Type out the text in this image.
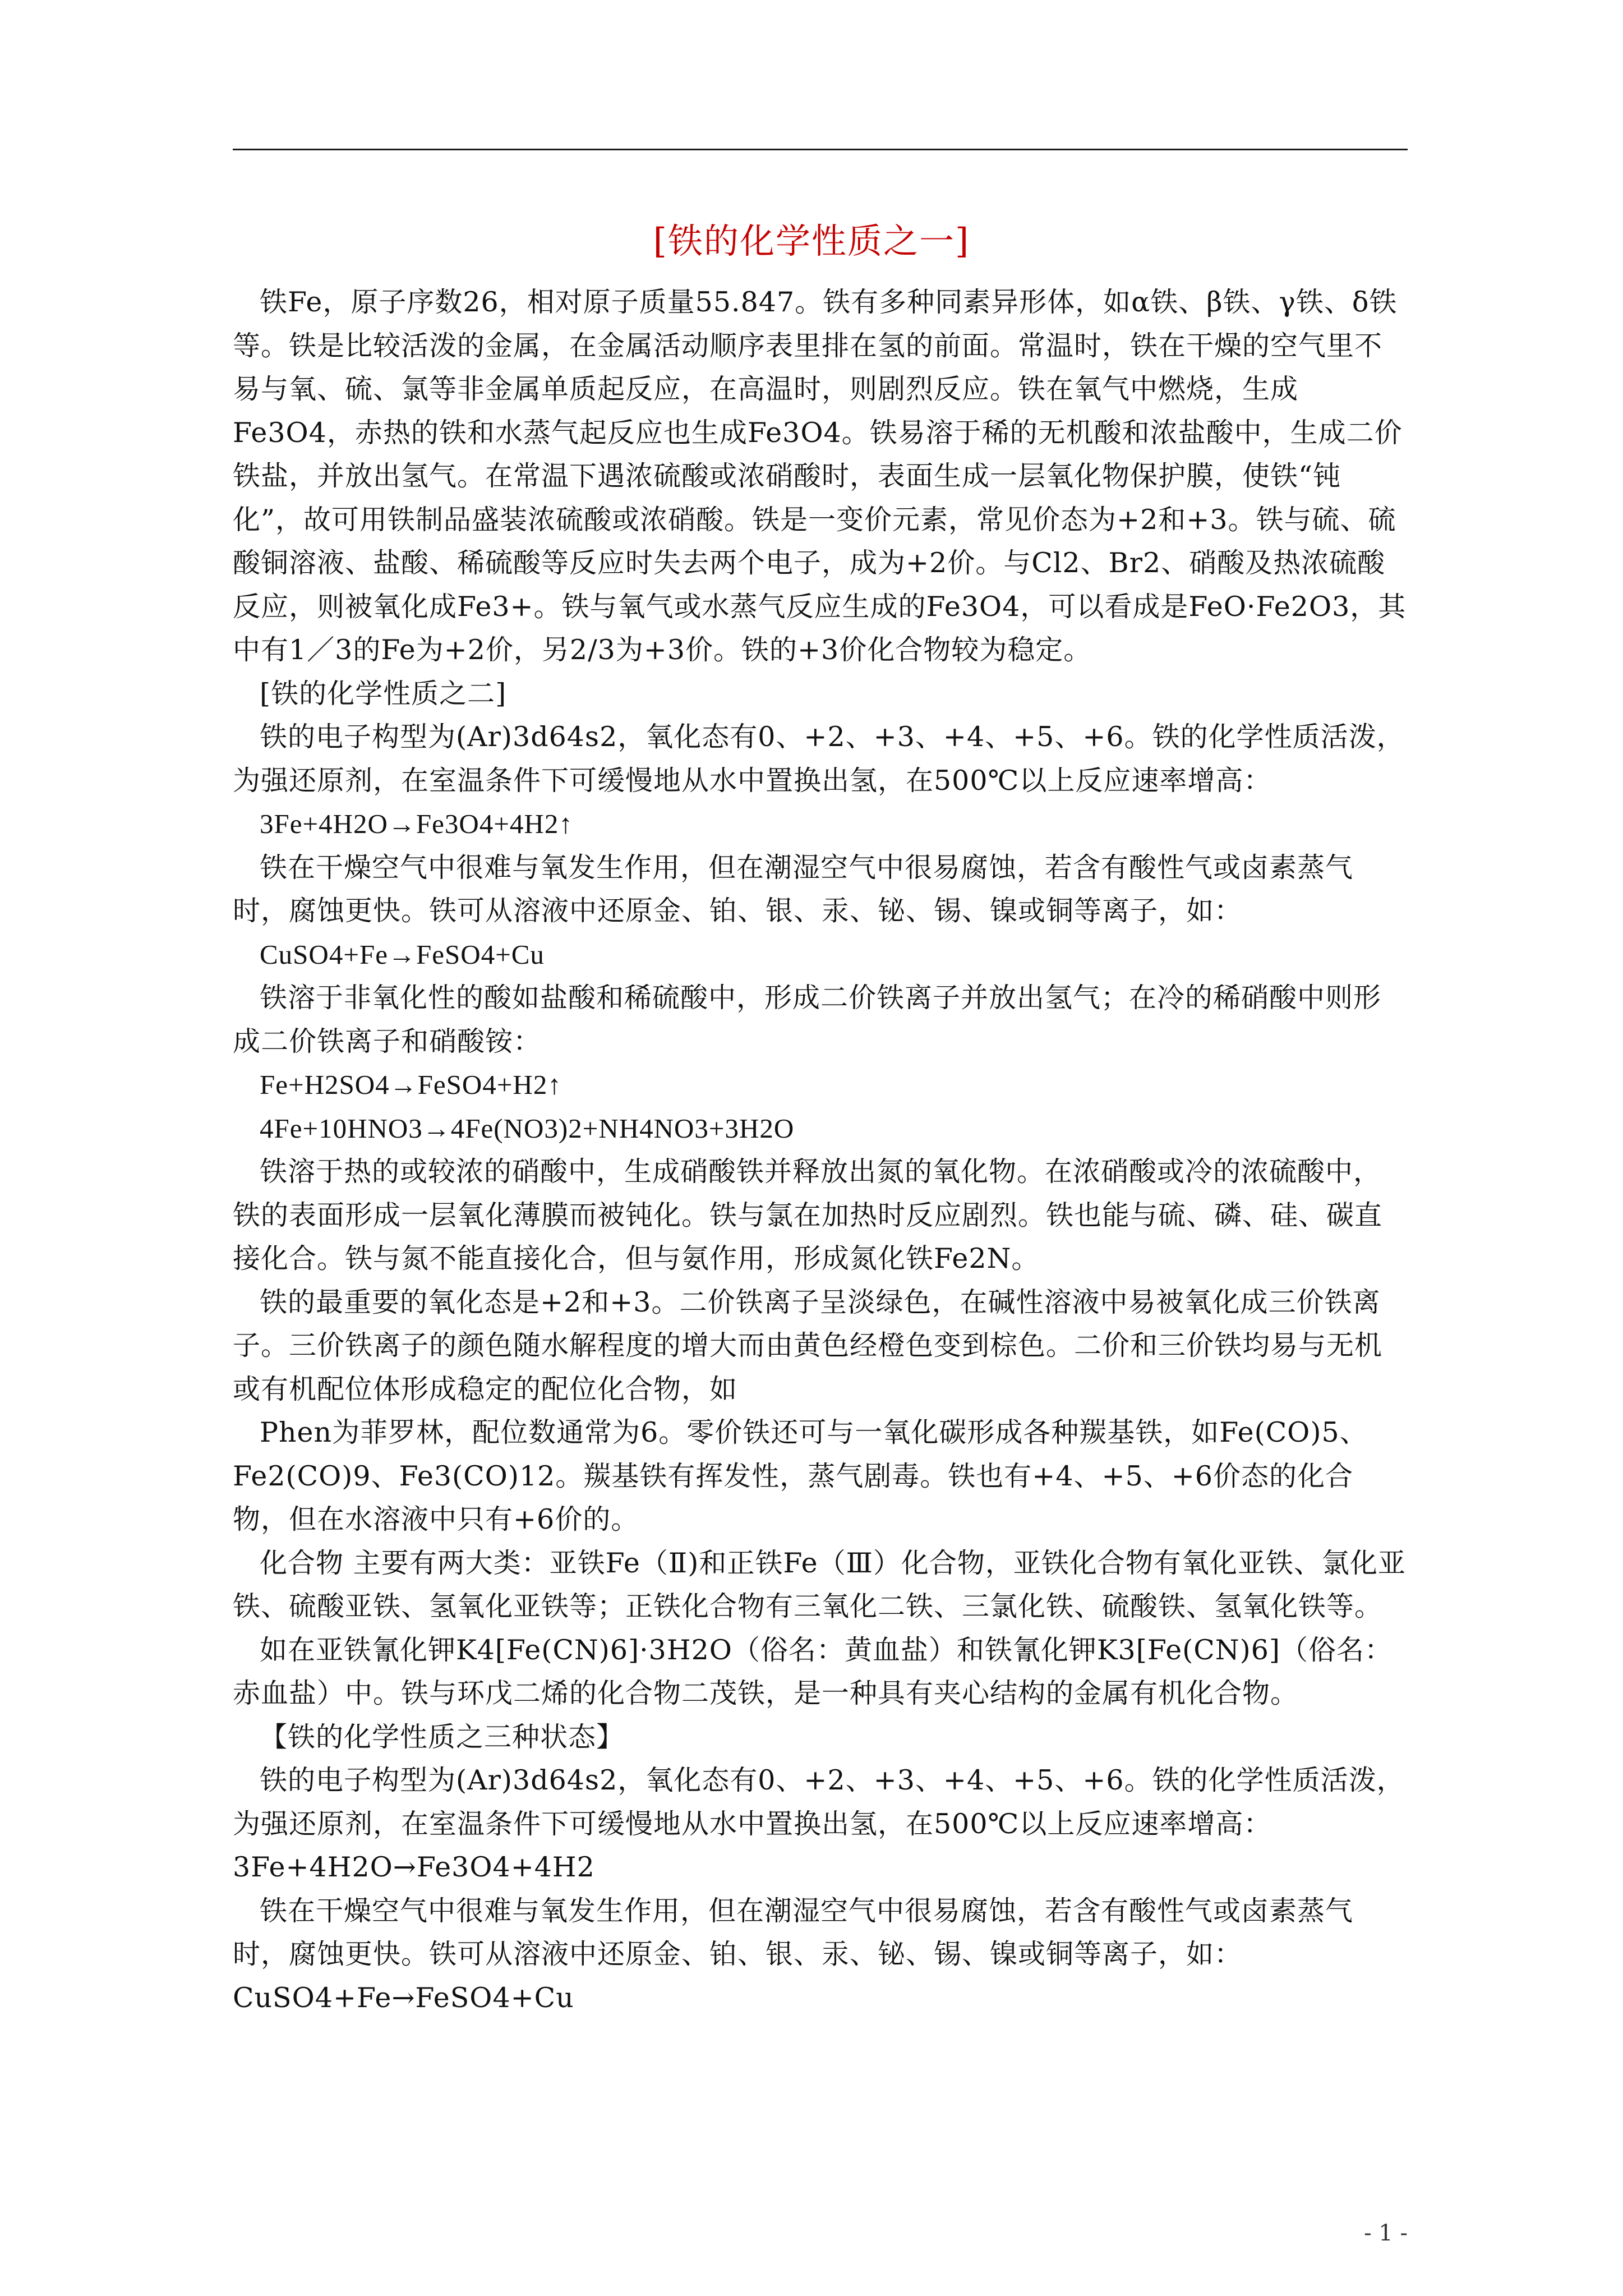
[铁的化学性质之一]

铁Fe，原子序数26，相对原子质量55.847。铁有多种同素异形体，如α铁、β铁、γ铁、δ铁等。铁是比较活泼的金属，在金属活动顺序表里排在氢的前面。常温时，铁在干燥的空气里不易与氧、硫、氯等非金属单质起反应，在高温时，则剧烈反应。铁在氧气中燃烧，生成Fe3O4，赤热的铁和水蒸气起反应也生成Fe3O4。铁易溶于稀的无机酸和浓盐酸中，生成二价铁盐，并放出氢气。在常温下遇浓硫酸或浓硝酸时，表面生成一层氧化物保护膜，使铁“钝化”，故可用铁制品盛装浓硫酸或浓硝酸。铁是一变价元素，常见价态为+2和+3。铁与硫、硫酸铜溶液、盐酸、稀硫酸等反应时失去两个电子，成为+2价。与Cl2、Br2、硝酸及热浓硫酸反应，则被氧化成Fe3+。铁与氧气或水蒸气反应生成的Fe3O4，可以看成是FeO·Fe2O3，其中有1／3的Fe为+2价，另2/3为+3价。铁的+3价化合物较为稳定。

[铁的化学性质之二]

铁的电子构型为(Ar)3d64s2，氧化态有0、+2、+3、+4、+5、+6。铁的化学性质活泼，为强还原剂，在室温条件下可缓慢地从水中置换出氢，在500℃以上反应速率增高：

3Fe+4H2O→Fe3O4+4H2↑

铁在干燥空气中很难与氧发生作用，但在潮湿空气中很易腐蚀，若含有酸性气或卤素蒸气时，腐蚀更快。铁可从溶液中还原金、铂、银、汞、铋、锡、镍或铜等离子，如：

CuSO4+Fe→FeSO4+Cu

铁溶于非氧化性的酸如盐酸和稀硫酸中，形成二价铁离子并放出氢气；在冷的稀硝酸中则形成二价铁离子和硝酸铵：

Fe+H2SO4→FeSO4+H2↑

4Fe+10HNO3→4Fe(NO3)2+NH4NO3+3H2O

铁溶于热的或较浓的硝酸中，生成硝酸铁并释放出氮的氧化物。在浓硝酸或冷的浓硫酸中，铁的表面形成一层氧化薄膜而被钝化。铁与氯在加热时反应剧烈。铁也能与硫、磷、硅、碳直接化合。铁与氮不能直接化合，但与氨作用，形成氮化铁Fe2N。

铁的最重要的氧化态是+2和+3。二价铁离子呈淡绿色，在碱性溶液中易被氧化成三价铁离子。三价铁离子的颜色随水解程度的增大而由黄色经橙色变到棕色。二价和三价铁均易与无机或有机配位体形成稳定的配位化合物，如

Phen为菲罗林，配位数通常为6。零价铁还可与一氧化碳形成各种羰基铁，如Fe(CO)5、Fe2(CO)9、Fe3(CO)12。羰基铁有挥发性，蒸气剧毒。铁也有+4、+5、+6价态的化合物，但在水溶液中只有+6价的。

化合物 主要有两大类：亚铁Fe（Ⅱ)和正铁Fe（Ⅲ）化合物，亚铁化合物有氧化亚铁、氯化亚铁、硫酸亚铁、氢氧化亚铁等；正铁化合物有三氧化二铁、三氯化铁、硫酸铁、氢氧化铁等。

如在亚铁氰化钾K4[Fe(CN)6]·3H2O（俗名：黄血盐）和铁氰化钾K3[Fe(CN)6]（俗名：赤血盐）中。铁与环戊二烯的化合物二茂铁，是一种具有夹心结构的金属有机化合物。

【铁的化学性质之三种状态】

铁的电子构型为(Ar)3d64s2，氧化态有0、+2、+3、+4、+5、+6。铁的化学性质活泼，为强还原剂，在室温条件下可缓慢地从水中置换出氢，在500℃以上反应速率增高：

3Fe+4H2O→Fe3O4+4H2

铁在干燥空气中很难与氧发生作用，但在潮湿空气中很易腐蚀，若含有酸性气或卤素蒸气时，腐蚀更快。铁可从溶液中还原金、铂、银、汞、铋、锡、镍或铜等离子，如：CuSO4+Fe→FeSO4+Cu

- 1 -
